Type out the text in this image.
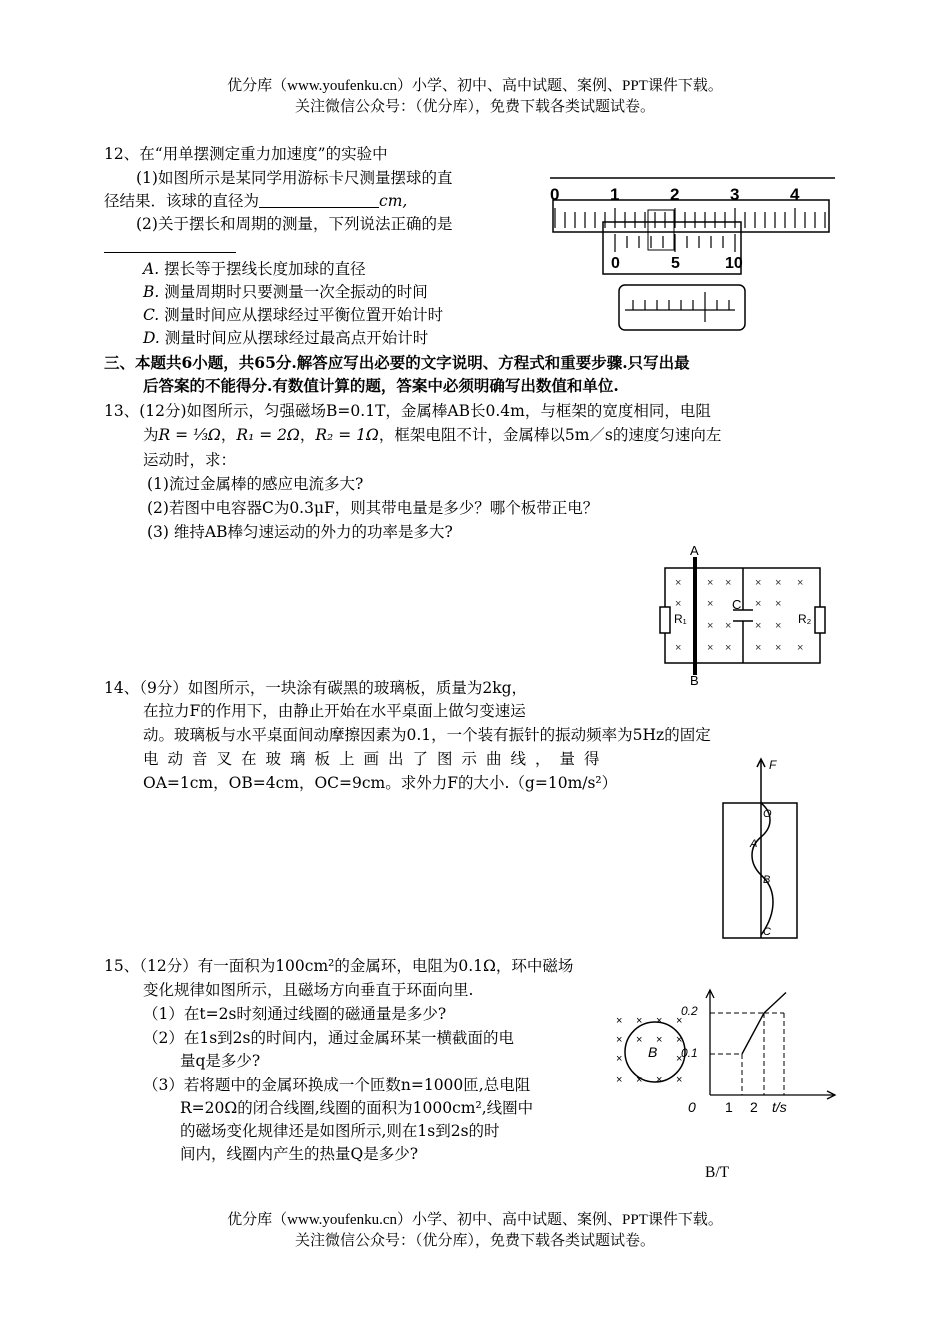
优分库（www.youfenku.cn）小学、初中、高中试题、案例、PPT课件下载。
关注微信公众号：（优分库），免费下载各类试题试卷。
12、在“用单摆测定重力加速度”的实验中
(1)如图所示是某同学用游标卡尺测量摆球的直
径结果．该球的直径为	cm,
(2)关于摆长和周期的测量，下列说法正确的是
A. 摆长等于摆线长度加球的直径
B. 测量周期时只要测量一次全振动的时间
C. 测量时间应从摆球经过平衡位置开始计时
D. 测量时间应从摆球经过最高点开始计时
0	1	2	3	4
0	5	10
三、本题共6小题，共65分.解答应写出必要的文字说明、方程式和重要步骤.只写出最
后答案的不能得分.有数值计算的题，答案中必须明确写出数值和单位.
13、(12分)如图所示，匀强磁场B=0.1T，金属棒AB长0.4m，与框架的宽度相同，电阻
为R = ⅓Ω，R₁ = 2Ω，R₂ = 1Ω，框架电阻不计，金属棒以5m／s的速度匀速向左
运动时，求：
(1)流过金属棒的感应电流多大?
(2)若图中电容器C为0.3μF，则其带电量是多少？哪个板带正电？
(3) 维持AB棒匀速运动的外力的功率是多大?
A
B
C
R₁	R₂
× × × × × ×
× ×	× ×
× × × ×
× × × × × ×
14、（9分）如图所示，一块涂有碳黑的玻璃板，质量为2kg，
在拉力F的作用下，由静止开始在水平桌面上做匀变速运
动。玻璃板与水平桌面间动摩擦因素为0.1，一个装有振针的振动频率为5Hz的固定
电动音叉在玻璃板上画出了图示曲线，量得
OA=1cm，OB=4cm，OC=9cm。求外力F的大小.（g=10m/s²）
F
O
A
B
C
15、（12分）有一面积为100cm²的金属环，电阻为0.1Ω，环中磁场
变化规律如图所示，且磁场方向垂直于环面向里.
（1）在t=2s时刻通过线圈的磁通量是多少?
（2）在1s到2s的时间内，通过金属环某一横截面的电
量q是多少?
（3）若将题中的金属环换成一个匝数n=1000匝,总电阻
R=20Ω的闭合线圈,线圈的面积为1000cm²,线圈中
的磁场变化规律还是如图所示,则在1s到2s的时
间内，线圈内产生的热量Q是多少?
B
× × × ×
× × × ×
×	×
× × × ×
0 1 2 t/s
0.1
0.2
B/T
优分库（www.youfenku.cn）小学、初中、高中试题、案例、PPT课件下载。
关注微信公众号：（优分库），免费下载各类试题试卷。
